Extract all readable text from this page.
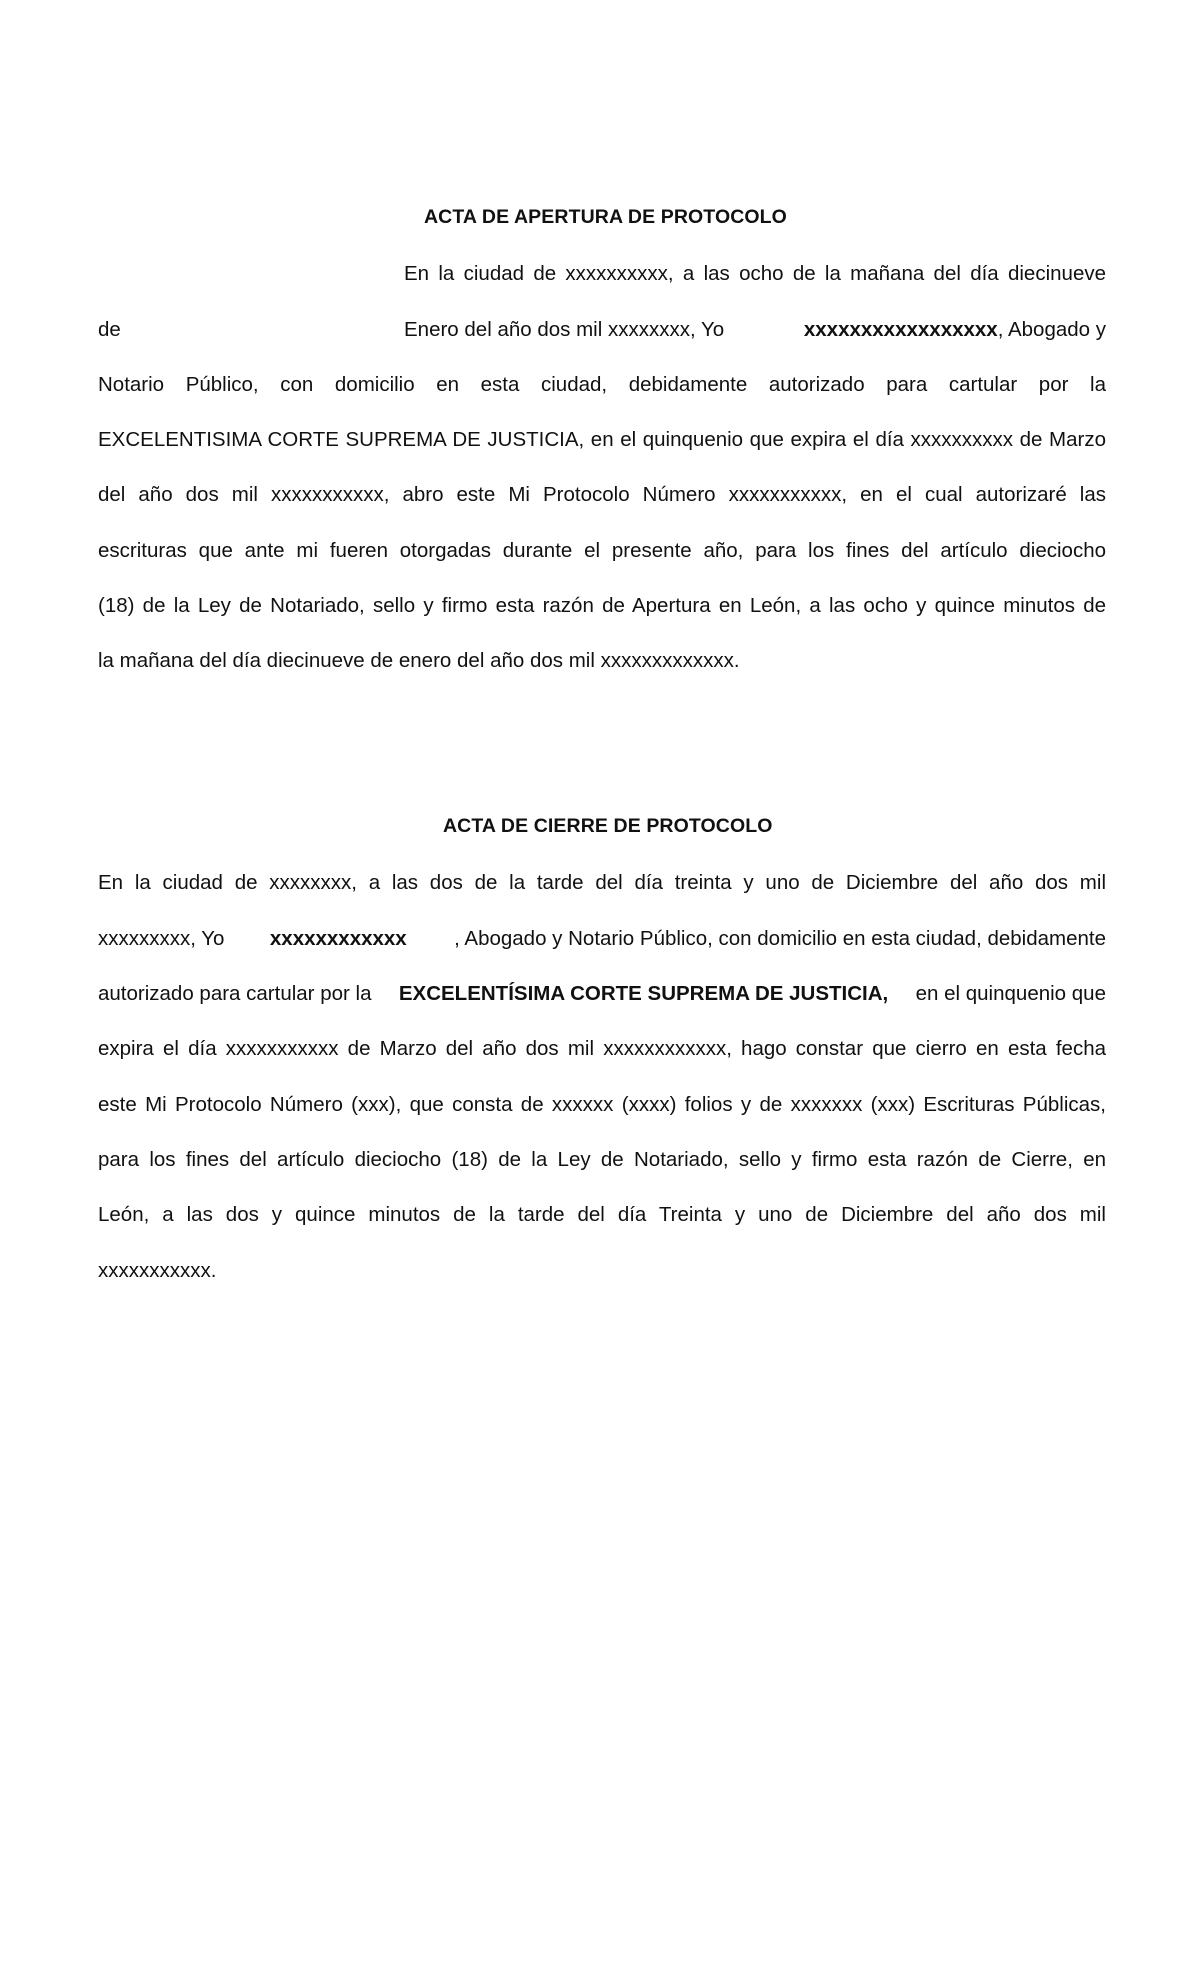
ACTA DE APERTURA DE PROTOCOLO
En la ciudad de xxxxxxxxxx, a las ocho de la mañana del día diecinueve
de	Enero del año dos mil xxxxxxxx, Yo	xxxxxxxxxxxxxxxxx, Abogado y
Notario Público, con domicilio en esta ciudad, debidamente autorizado para cartular por la
EXCELENTISIMA CORTE SUPREMA DE JUSTICIA, en el quinquenio que expira el día xxxxxxxxxx de Marzo
del año dos mil xxxxxxxxxxx, abro este Mi Protocolo Número xxxxxxxxxxx, en el cual autorizaré las
escrituras que ante mi fueren otorgadas durante el presente año, para los fines del artículo dieciocho
(18) de la Ley de Notariado, sello y firmo esta razón de Apertura en León, a las ocho y quince minutos de
la mañana del día diecinueve de enero del año dos mil xxxxxxxxxxxxx.
ACTA DE CIERRE DE PROTOCOLO
En la ciudad de xxxxxxxx, a las dos de la tarde del día treinta y uno de Diciembre del año dos mil
xxxxxxxxx, Yo xxxxxxxxxxxx , Abogado y Notario Público, con domicilio en esta ciudad, debidamente
autorizado para cartular por la EXCELENTÍSIMA CORTE SUPREMA DE JUSTICIA, en el quinquenio que
expira el día xxxxxxxxxxx de Marzo del año dos mil xxxxxxxxxxxx, hago constar que cierro en esta fecha
este Mi Protocolo Número (xxx), que consta de xxxxxx (xxxx) folios y de xxxxxxx (xxx) Escrituras Públicas,
para los fines del artículo dieciocho (18) de la Ley de Notariado, sello y firmo esta razón de Cierre, en
León, a las dos y quince minutos de la tarde del día Treinta y uno de Diciembre del año dos mil
xxxxxxxxxxx.
